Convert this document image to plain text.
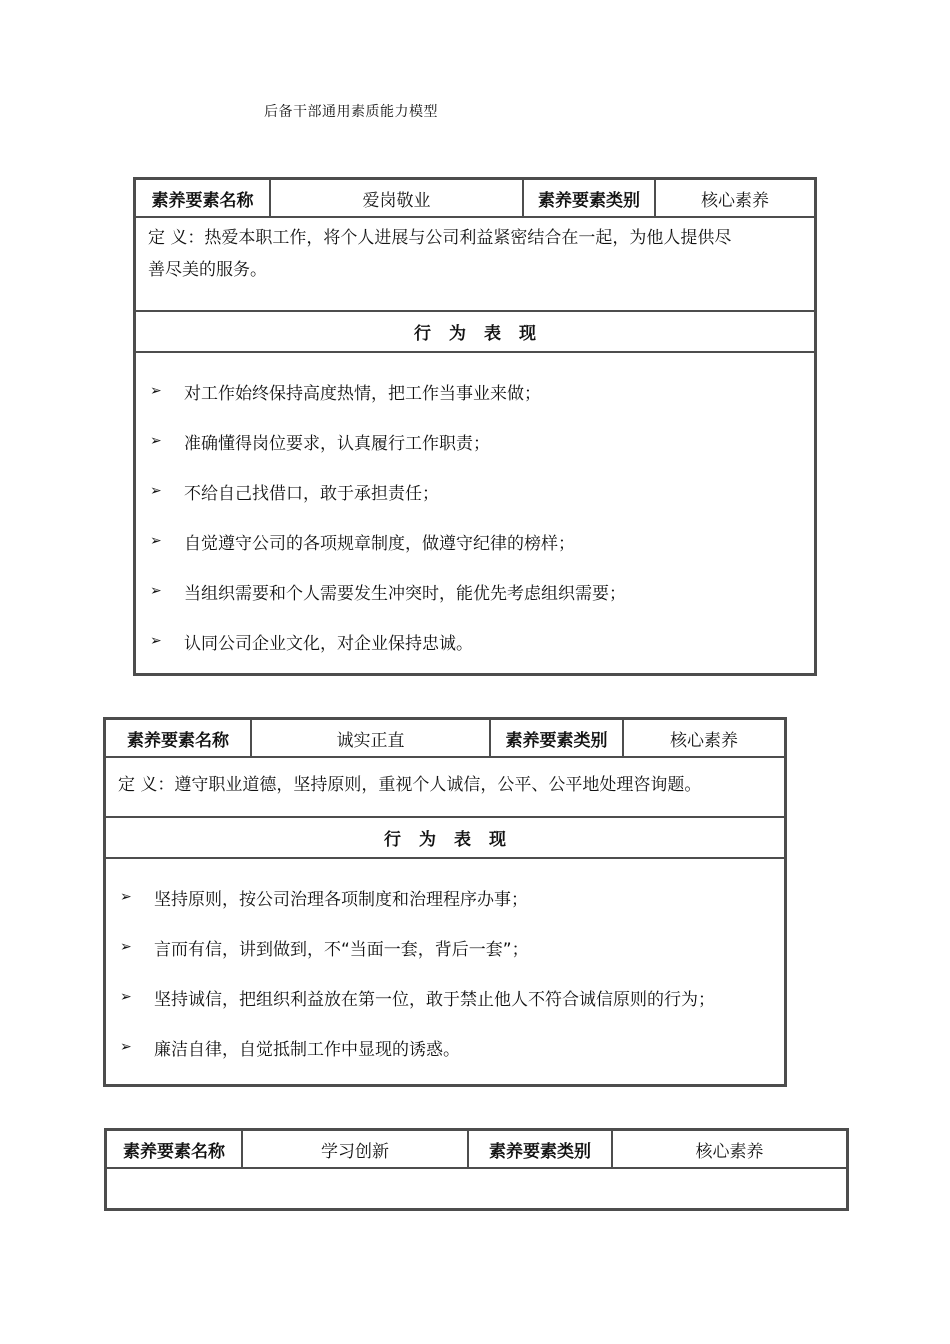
后备干部通用素质能力模型
素养要素名称	爱岗敬业	素养要素类别	核心素养
定 义：热爱本职工作，将个人进展与公司利益紧密结合在一起，为他人提供尽
善尽美的服务。
行为表现
➢	对工作始终保持高度热情，把工作当事业来做；
➢	准确懂得岗位要求，认真履行工作职责；
➢	不给自己找借口，敢于承担责任；
➢	自觉遵守公司的各项规章制度，做遵守纪律的榜样；
➢	当组织需要和个人需要发生冲突时，能优先考虑组织需要；
➢	认同公司企业文化，对企业保持忠诚。
素养要素名称	诚实正直	素养要素类别	核心素养
定 义：遵守职业道德，坚持原则，重视个人诚信，公平、公平地处理咨询题。
行为表现
➢	坚持原则，按公司治理各项制度和治理程序办事；
➢	言而有信，讲到做到，不“当面一套，背后一套”；
➢	坚持诚信，把组织利益放在第一位，敢于禁止他人不符合诚信原则的行为；
➢	廉洁自律，自觉抵制工作中显现的诱惑。
素养要素名称	学习创新	素养要素类别	核心素养
